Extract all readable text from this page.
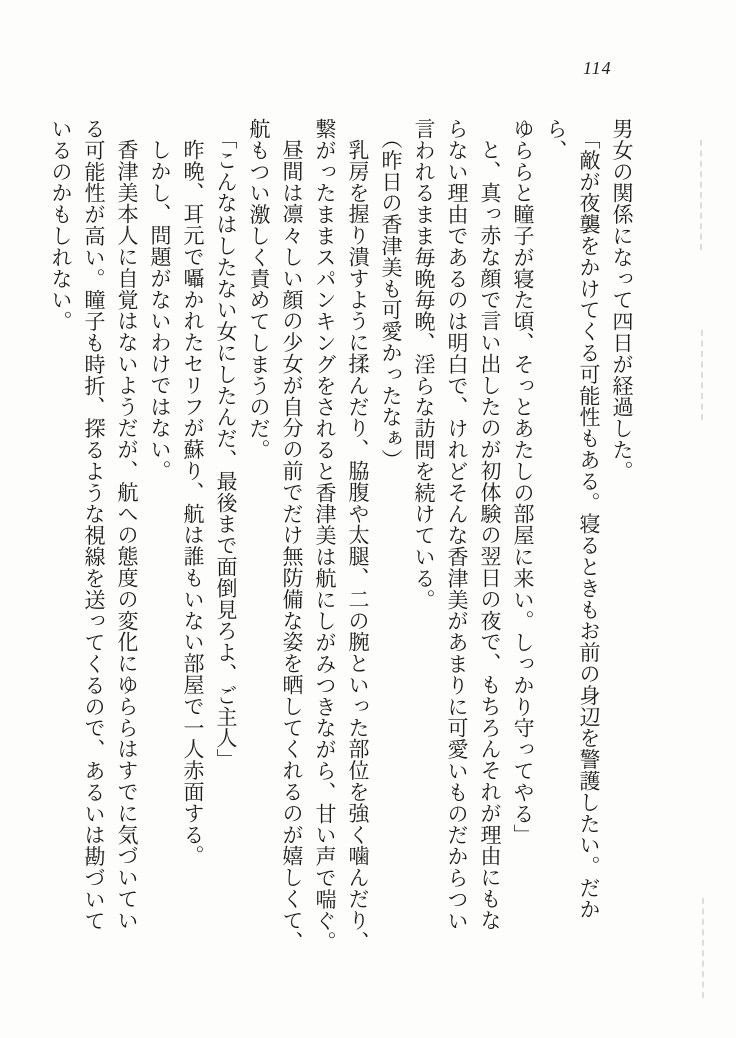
114

男女の関係になって四日が経過した。

「敵が夜襲をかけてくる可能性もある。寝るときもお前の身辺を警護したい。だから、

ゆららと瞳子が寝た頃、そっとあたしの部屋に来い。しっかり守ってやる」

と、真っ赤な顔で言い出したのが初体験の翌日の夜で、もちろんそれが理由にもな

らない理由であるのは明白で、けれどそんな香津美があまりに可愛いものだからつい

言われるまま毎晩毎晩、淫らな訪問を続けている。

（昨日の香津美も可愛かったなぁ）

乳房を握り潰すように揉んだり、脇腹や太腿、二の腕といった部位を強く噛んだり、

繋がったままスパンキングをされると香津美は航にしがみつきながら、甘い声で喘ぐ。

昼間は凛々しい顔の少女が自分の前でだけ無防備な姿を晒してくれるのが嬉しくて、

航もつい激しく責めてしまうのだ。

「こんなはしたない女にしたんだ、最後まで面倒見ろよ、ご主人」

昨晩、耳元で囁かれたセリフが蘇り、航は誰もいない部屋で一人赤面する。

しかし、問題がないわけではない。

香津美本人に自覚はないようだが、航への態度の変化にゆららはすでに気づいてい

る可能性が高い。瞳子も時折、探るような視線を送ってくるので、あるいは勘づいて

いるのかもしれない。
